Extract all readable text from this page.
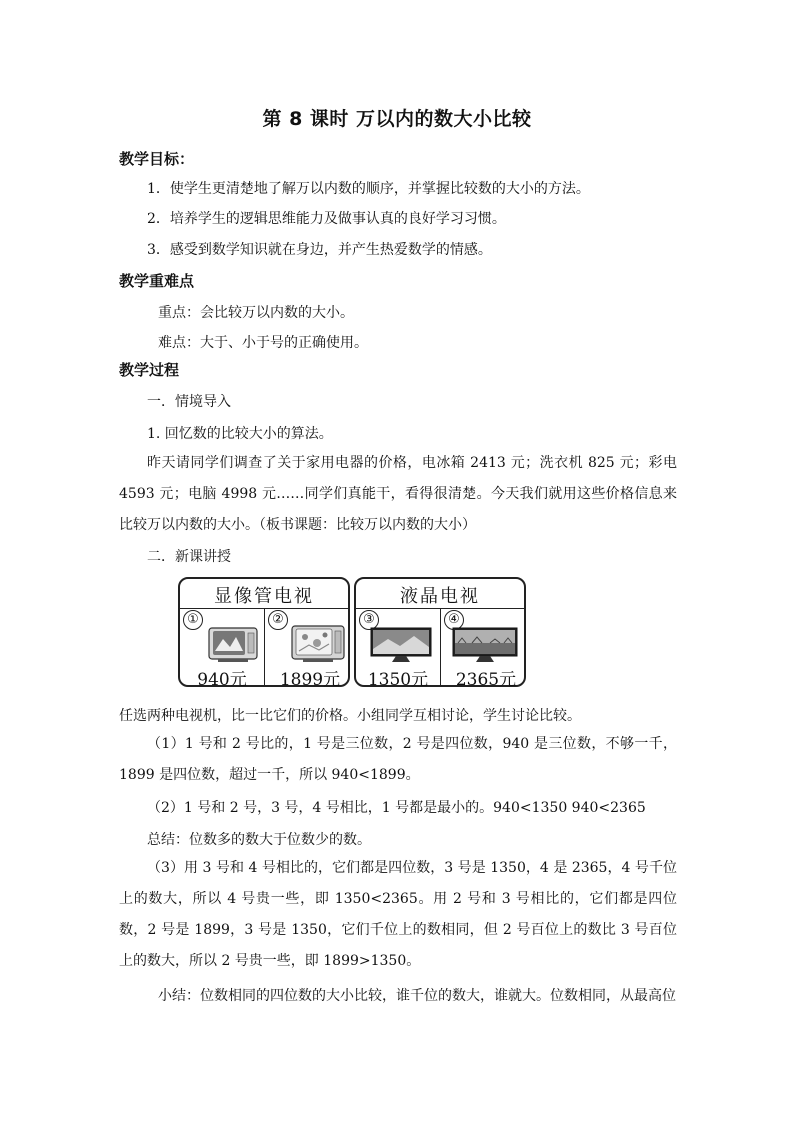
第 8 课时 万以内的数大小比较
教学目标：
1．使学生更清楚地了解万以内数的顺序，并掌握比较数的大小的方法。
2．培养学生的逻辑思维能力及做事认真的良好学习习惯。
3．感受到数学知识就在身边，并产生热爱数学的情感。
教学重难点
重点：会比较万以内数的大小。
难点：大于、小于号的正确使用。
教学过程
一．情境导入
1. 回忆数的比较大小的算法。
昨天请同学们调查了关于家用电器的价格，电冰箱 2413 元；洗衣机 825 元；彩电 4593 元；电脑 4998 元……同学们真能干，看得很清楚。今天我们就用这些价格信息来比较万以内数的大小。（板书课题：比较万以内数的大小）
二．新课讲授
显像管电视
①
940元
②
1899元
液晶电视
③
1350元
④
2365元
任选两种电视机，比一比它们的价格。小组同学互相讨论，学生讨论比较。
（1）1 号和 2 号比的，1 号是三位数，2 号是四位数，940 是三位数，不够一千，1899 是四位数，超过一千，所以 940<1899。
（2）1 号和 2 号，3 号，4 号相比，1 号都是最小的。940<1350 940<2365
总结：位数多的数大于位数少的数。
（3）用 3 号和 4 号相比的，它们都是四位数，3 号是 1350，4 是 2365，4 号千位上的数大，所以 4 号贵一些，即 1350<2365。用 2 号和 3 号相比的，它们都是四位数，2 号是 1899，3 号是 1350，它们千位上的数相同，但 2 号百位上的数比 3 号百位上的数大，所以 2 号贵一些，即 1899>1350。
小结：位数相同的四位数的大小比较，谁千位的数大，谁就大。位数相同，从最高位
